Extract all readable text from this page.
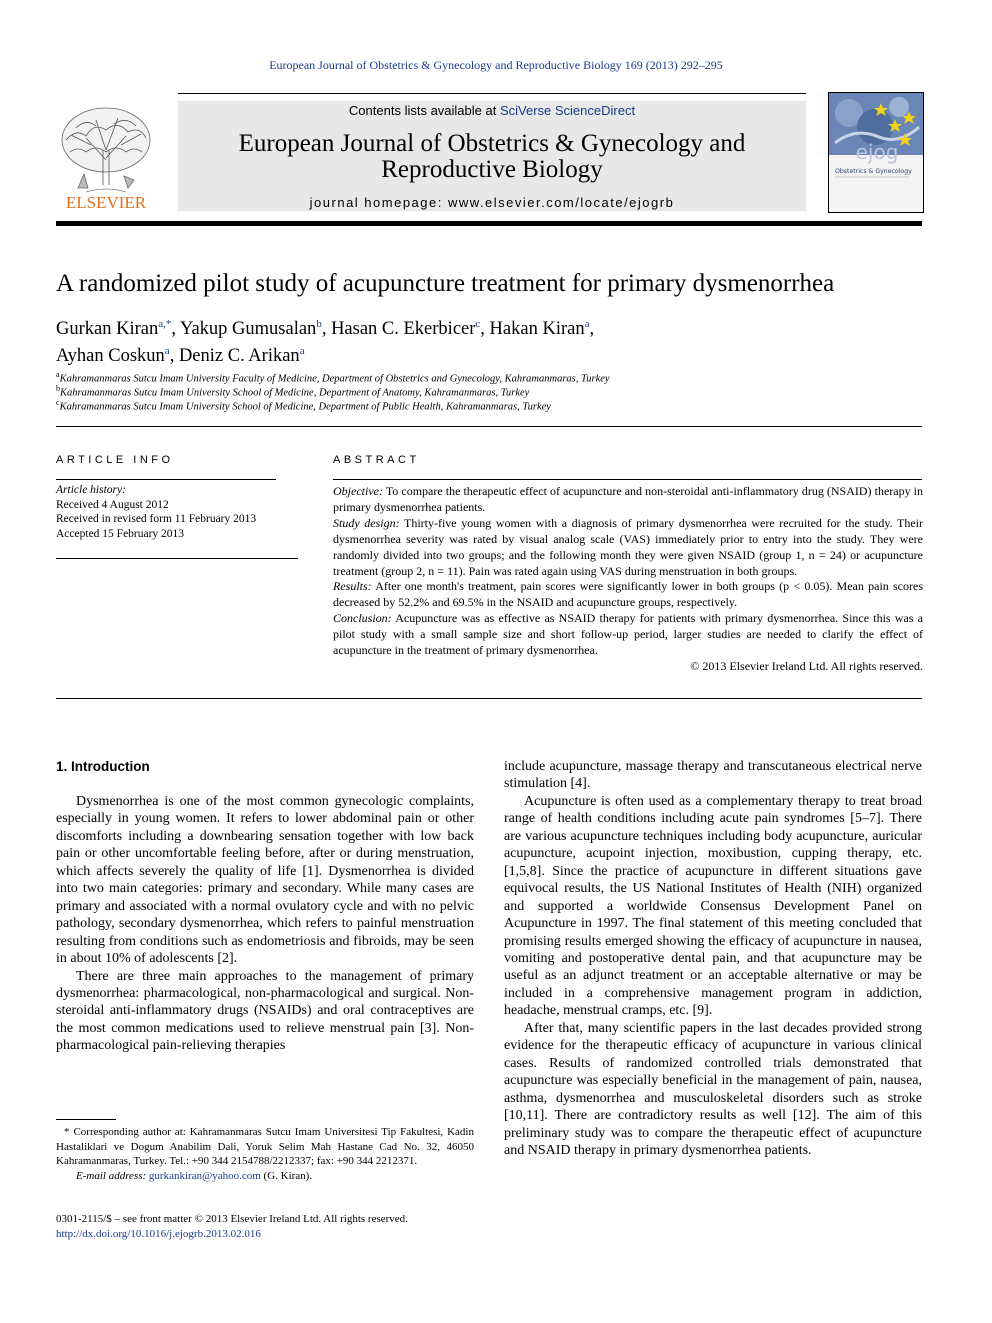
European Journal of Obstetrics & Gynecology and Reproductive Biology 169 (2013) 292–295
ELSEVIER
Contents lists available at SciVerse ScienceDirect
European Journal of Obstetrics & Gynecology and
Reproductive Biology
journal homepage: www.elsevier.com/locate/ejogrb
ejog
Obstetrics & Gynecology
A randomized pilot study of acupuncture treatment for primary dysmenorrhea
Gurkan Kiran$^{a,*}$, Yakup Gumusalan$^b$, Hasan C. Ekerbicer$^c$, Hakan Kiran$^a$,
Ayhan Coskun$^a$, Deniz C. Arikan$^a$
$^a$Kahramanmaras Sutcu Imam University Faculty of Medicine, Department of Obstetrics and Gynecology, Kahramanmaras, Turkey
$^b$Kahramanmaras Sutcu Imam University School of Medicine, Department of Anatomy, Kahramanmaras, Turkey
$^c$Kahramanmaras Sutcu Imam University School of Medicine, Department of Public Health, Kahramanmaras, Turkey
ARTICLE INFO
Article history:
Received 4 August 2012
Received in revised form 11 February 2013
Accepted 15 February 2013
ABSTRACT

Objective: To compare the therapeutic effect of acupuncture and non-steroidal anti-inflammatory drug (NSAID) therapy in primary dysmenorrhea patients.

Study design: Thirty-five young women with a diagnosis of primary dysmenorrhea were recruited for the study. Their dysmenorrhea severity was rated by visual analog scale (VAS) immediately prior to entry into the study. They were randomly divided into two groups; and the following month they were given NSAID (group 1, n = 24) or acupuncture treatment (group 2, n = 11). Pain was rated again using VAS during menstruation in both groups.

Results: After one month's treatment, pain scores were significantly lower in both groups (p < 0.05). Mean pain scores decreased by 52.2% and 69.5% in the NSAID and acupuncture groups, respectively.

Conclusion: Acupuncture was as effective as NSAID therapy for patients with primary dysmenorrhea. Since this was a pilot study with a small sample size and short follow-up period, larger studies are needed to clarify the effect of acupuncture in the treatment of primary dysmenorrhea.

© 2013 Elsevier Ireland Ltd. All rights reserved.

1. Introduction

Dysmenorrhea is one of the most common gynecologic complaints, especially in young women. It refers to lower abdominal pain or other discomforts including a downbearing sensation together with low back pain or other uncomfortable feeling before, after or during menstruation, which affects severely the quality of life [1]. Dysmenorrhea is divided into two main categories: primary and secondary. While many cases are primary and associated with a normal ovulatory cycle and with no pelvic pathology, secondary dysmenorrhea, which refers to painful menstruation resulting from conditions such as endometriosis and fibroids, may be seen in about 10% of adolescents [2].

There are three main approaches to the management of primary dysmenorrhea: pharmacological, non-pharmacological and surgical. Non-steroidal anti-inflammatory drugs (NSAIDs) and oral contraceptives are the most common medications used to relieve menstrual pain [3]. Non-pharmacological pain-relieving therapies

include acupuncture, massage therapy and transcutaneous electrical nerve stimulation [4].

Acupuncture is often used as a complementary therapy to treat broad range of health conditions including acute pain syndromes [5–7]. There are various acupuncture techniques including body acupuncture, auricular acupuncture, acupoint injection, moxibustion, cupping therapy, etc. [1,5,8]. Since the practice of acupuncture in different situations gave equivocal results, the US National Institutes of Health (NIH) organized and supported a worldwide Consensus Development Panel on Acupuncture in 1997. The final statement of this meeting concluded that promising results emerged showing the efficacy of acupuncture in nausea, vomiting and postoperative dental pain, and that acupuncture may be useful as an adjunct treatment or an acceptable alternative or may be included in a comprehensive management program in addiction, headache, menstrual cramps, etc. [9].

After that, many scientific papers in the last decades provided strong evidence for the therapeutic efficacy of acupuncture in various clinical cases. Results of randomized controlled trials demonstrated that acupuncture was especially beneficial in the management of pain, nausea, asthma, dysmenorrhea and musculoskeletal disorders such as stroke [10,11]. There are contradictory results as well [12]. The aim of this preliminary study was to compare the therapeutic effect of acupuncture and NSAID therapy in primary dysmenorrhea patients.

* Corresponding author at: Kahramanmaras Sutcu Imam Universitesi Tip Fakultesi, Kadin Hastaliklari ve Dogum Anabilim Dali, Yoruk Selim Mah Hastane Cad No. 32, 46050 Kahramanmaras, Turkey. Tel.: +90 344 2154788/2212337; fax: +90 344 2212371.
E-mail address: gurkankiran@yahoo.com (G. Kiran).
0301-2115/$ – see front matter © 2013 Elsevier Ireland Ltd. All rights reserved.
http://dx.doi.org/10.1016/j.ejogrb.2013.02.016
